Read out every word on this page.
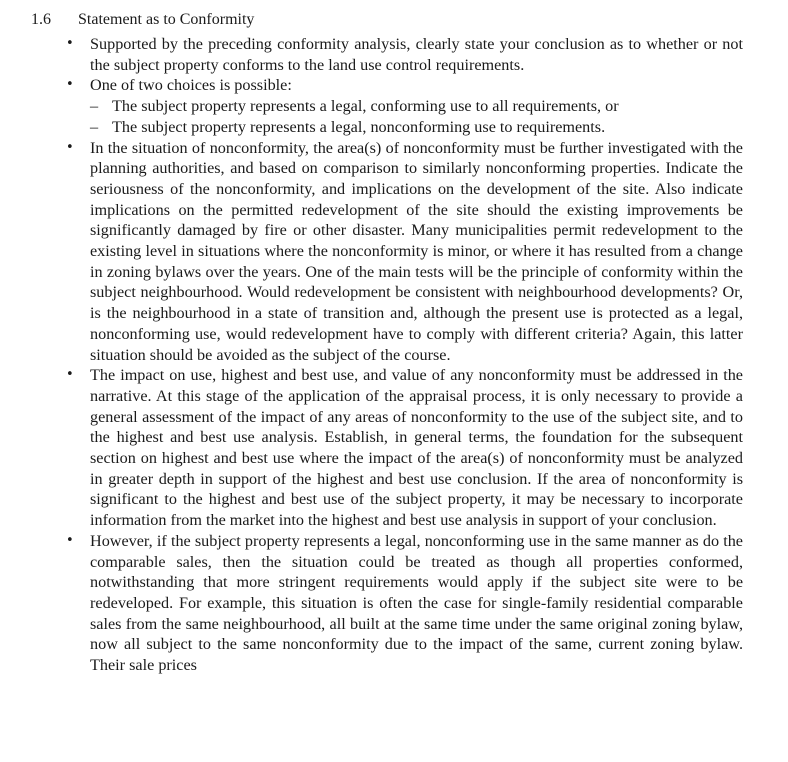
1.6 Statement as to Conformity
• Supported by the preceding conformity analysis, clearly state your conclusion as to whether or not the subject property conforms to the land use control requirements.
• One of two choices is possible:
– The subject property represents a legal, conforming use to all requirements, or
– The subject property represents a legal, nonconforming use to requirements.
• In the situation of nonconformity, the area(s) of nonconformity must be further investigated with the planning authorities, and based on comparison to similarly nonconforming properties. Indicate the seriousness of the nonconformity, and implications on the development of the site. Also indicate implications on the permitted redevelopment of the site should the existing improvements be significantly damaged by fire or other disaster. Many municipalities permit redevelopment to the existing level in situations where the nonconformity is minor, or where it has resulted from a change in zoning bylaws over the years. One of the main tests will be the principle of conformity within the subject neighbourhood. Would redevelopment be consistent with neighbourhood developments? Or, is the neighbourhood in a state of transition and, although the present use is protected as a legal, nonconforming use, would redevelopment have to comply with different criteria? Again, this latter situation should be avoided as the subject of the course.
• The impact on use, highest and best use, and value of any nonconformity must be addressed in the narrative. At this stage of the application of the appraisal process, it is only necessary to provide a general assessment of the impact of any areas of nonconformity to the use of the subject site, and to the highest and best use analysis. Establish, in general terms, the foundation for the subsequent section on highest and best use where the impact of the area(s) of nonconformity must be analyzed in greater depth in support of the highest and best use conclusion. If the area of nonconformity is significant to the highest and best use of the subject property, it may be necessary to incorporate information from the market into the highest and best use analysis in support of your conclusion.
• However, if the subject property represents a legal, nonconforming use in the same manner as do the comparable sales, then the situation could be treated as though all properties conformed, notwithstanding that more stringent requirements would apply if the subject site were to be redeveloped. For example, this situation is often the case for single-family residential comparable sales from the same neighbourhood, all built at the same time under the same original zoning bylaw, now all subject to the same nonconformity due to the impact of the same, current zoning bylaw. Their sale prices
